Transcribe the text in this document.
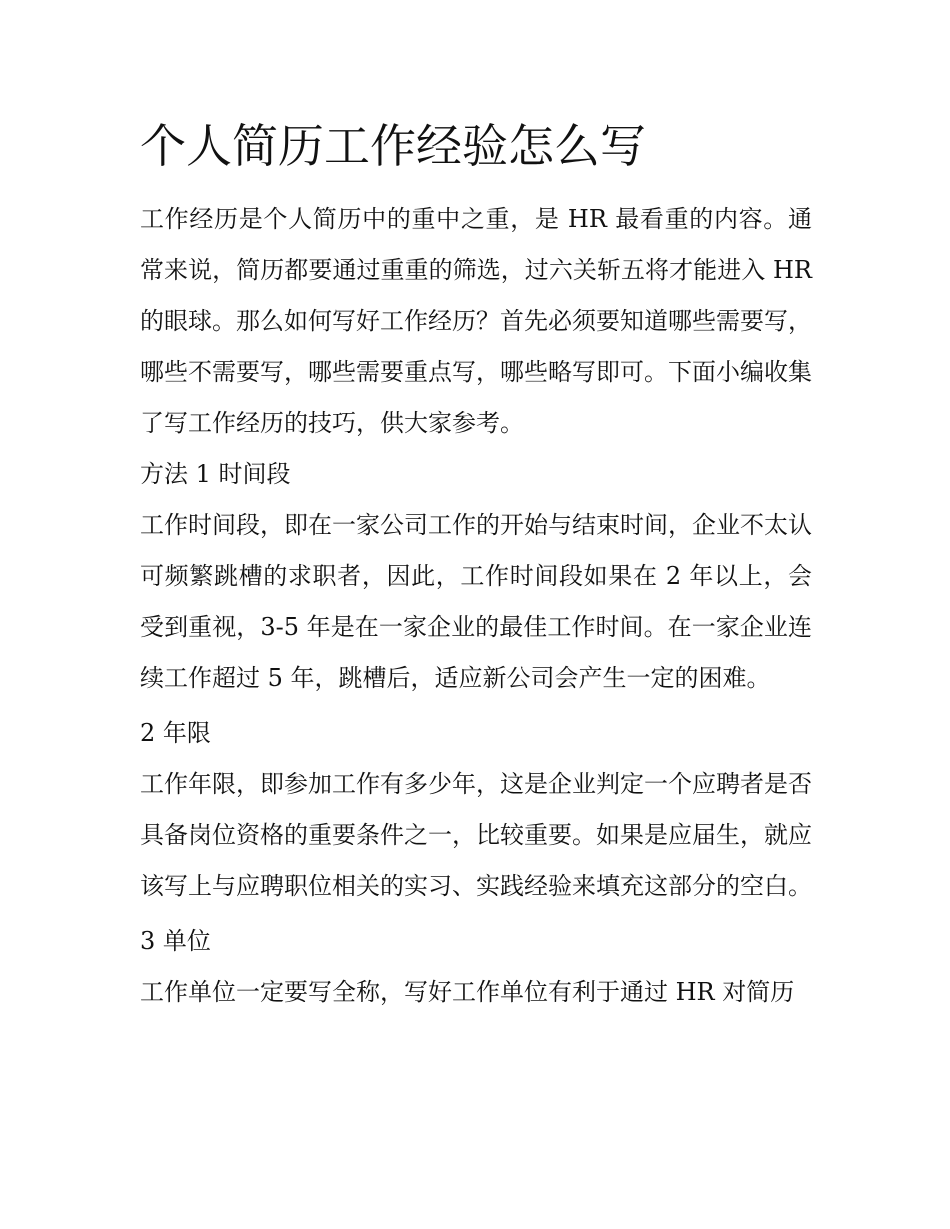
个人简历工作经验怎么写

工作经历是个人简历中的重中之重，是 HR 最看重的内容。通常来说，简历都要通过重重的筛选，过六关斩五将才能进入 HR 的眼球。那么如何写好工作经历？首先必须要知道哪些需要写，哪些不需要写，哪些需要重点写，哪些略写即可。下面小编收集了写工作经历的技巧，供大家参考。

方法 1 时间段

工作时间段，即在一家公司工作的开始与结束时间，企业不太认可频繁跳槽的求职者，因此，工作时间段如果在 2 年以上，会受到重视，3-5 年是在一家企业的最佳工作时间。在一家企业连续工作超过 5 年，跳槽后，适应新公司会产生一定的困难。

2 年限

工作年限，即参加工作有多少年，这是企业判定一个应聘者是否具备岗位资格的重要条件之一，比较重要。如果是应届生，就应该写上与应聘职位相关的实习、实践经验来填充这部分的空白。

3 单位

工作单位一定要写全称，写好工作单位有利于通过 HR 对简历
